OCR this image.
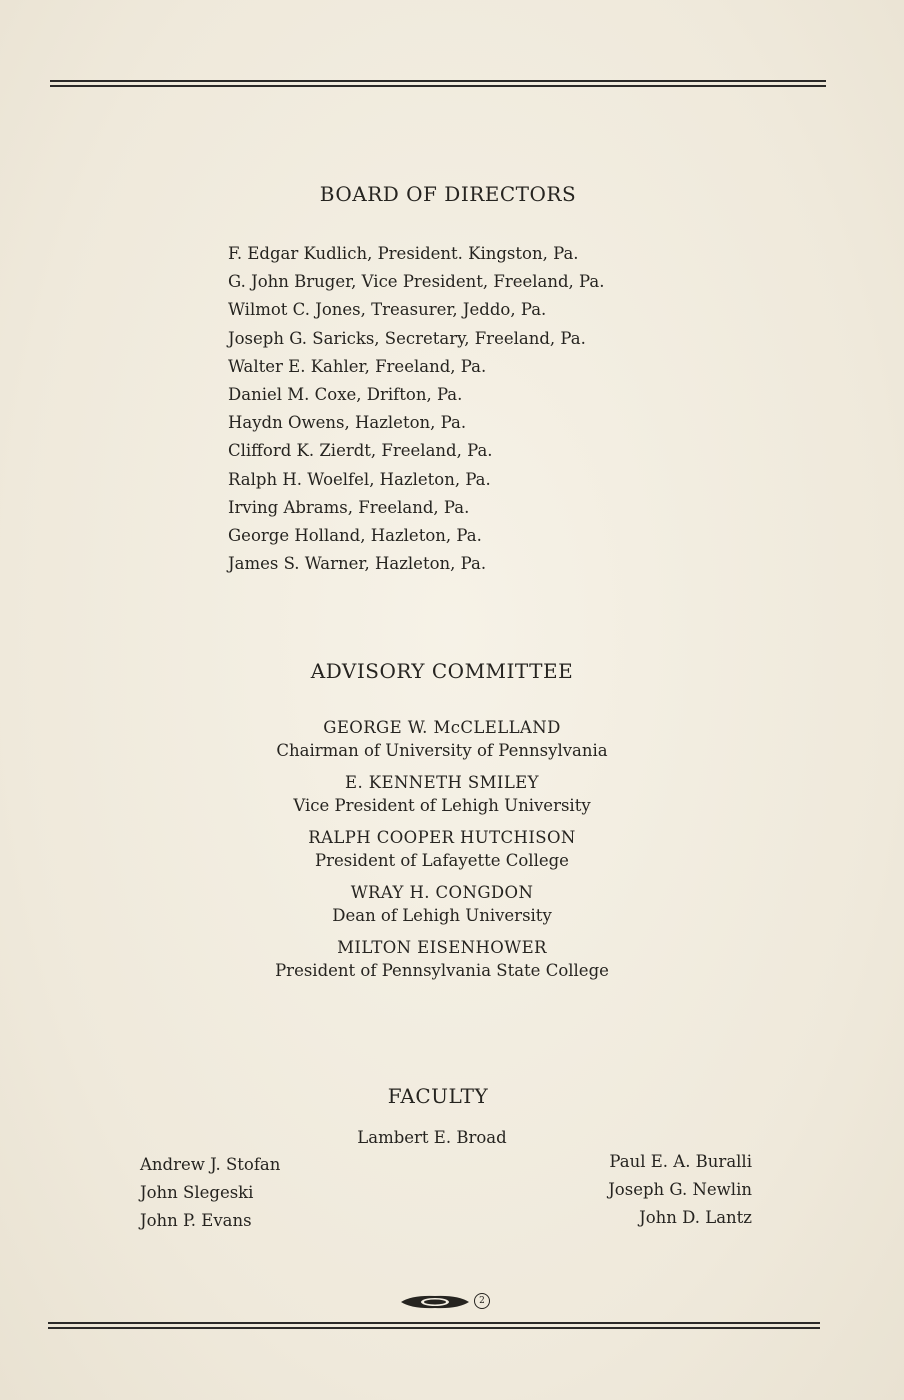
BOARD OF DIRECTORS
F. Edgar Kudlich, President. Kingston, Pa.
G. John Bruger, Vice President, Freeland, Pa.
Wilmot C. Jones, Treasurer, Jeddo, Pa.
Joseph G. Saricks, Secretary, Freeland, Pa.
Walter E. Kahler, Freeland, Pa.
Daniel M. Coxe, Drifton, Pa.
Haydn Owens, Hazleton, Pa.
Clifford K. Zierdt, Freeland, Pa.
Ralph H. Woelfel, Hazleton, Pa.
Irving Abrams, Freeland, Pa.
George Holland, Hazleton, Pa.
James S. Warner, Hazleton, Pa.
ADVISORY COMMITTEE
GEORGE W. McCLELLAND
Chairman of University of Pennsylvania
E. KENNETH SMILEY
Vice President of Lehigh University
RALPH COOPER HUTCHISON
President of Lafayette College
WRAY H. CONGDON
Dean of Lehigh University
MILTON EISENHOWER
President of Pennsylvania State College
FACULTY
Lambert E. Broad
Andrew J. Stofan
John Slegeski
John P. Evans
Paul E. A. Buralli
Joseph G. Newlin
John D. Lantz
2
